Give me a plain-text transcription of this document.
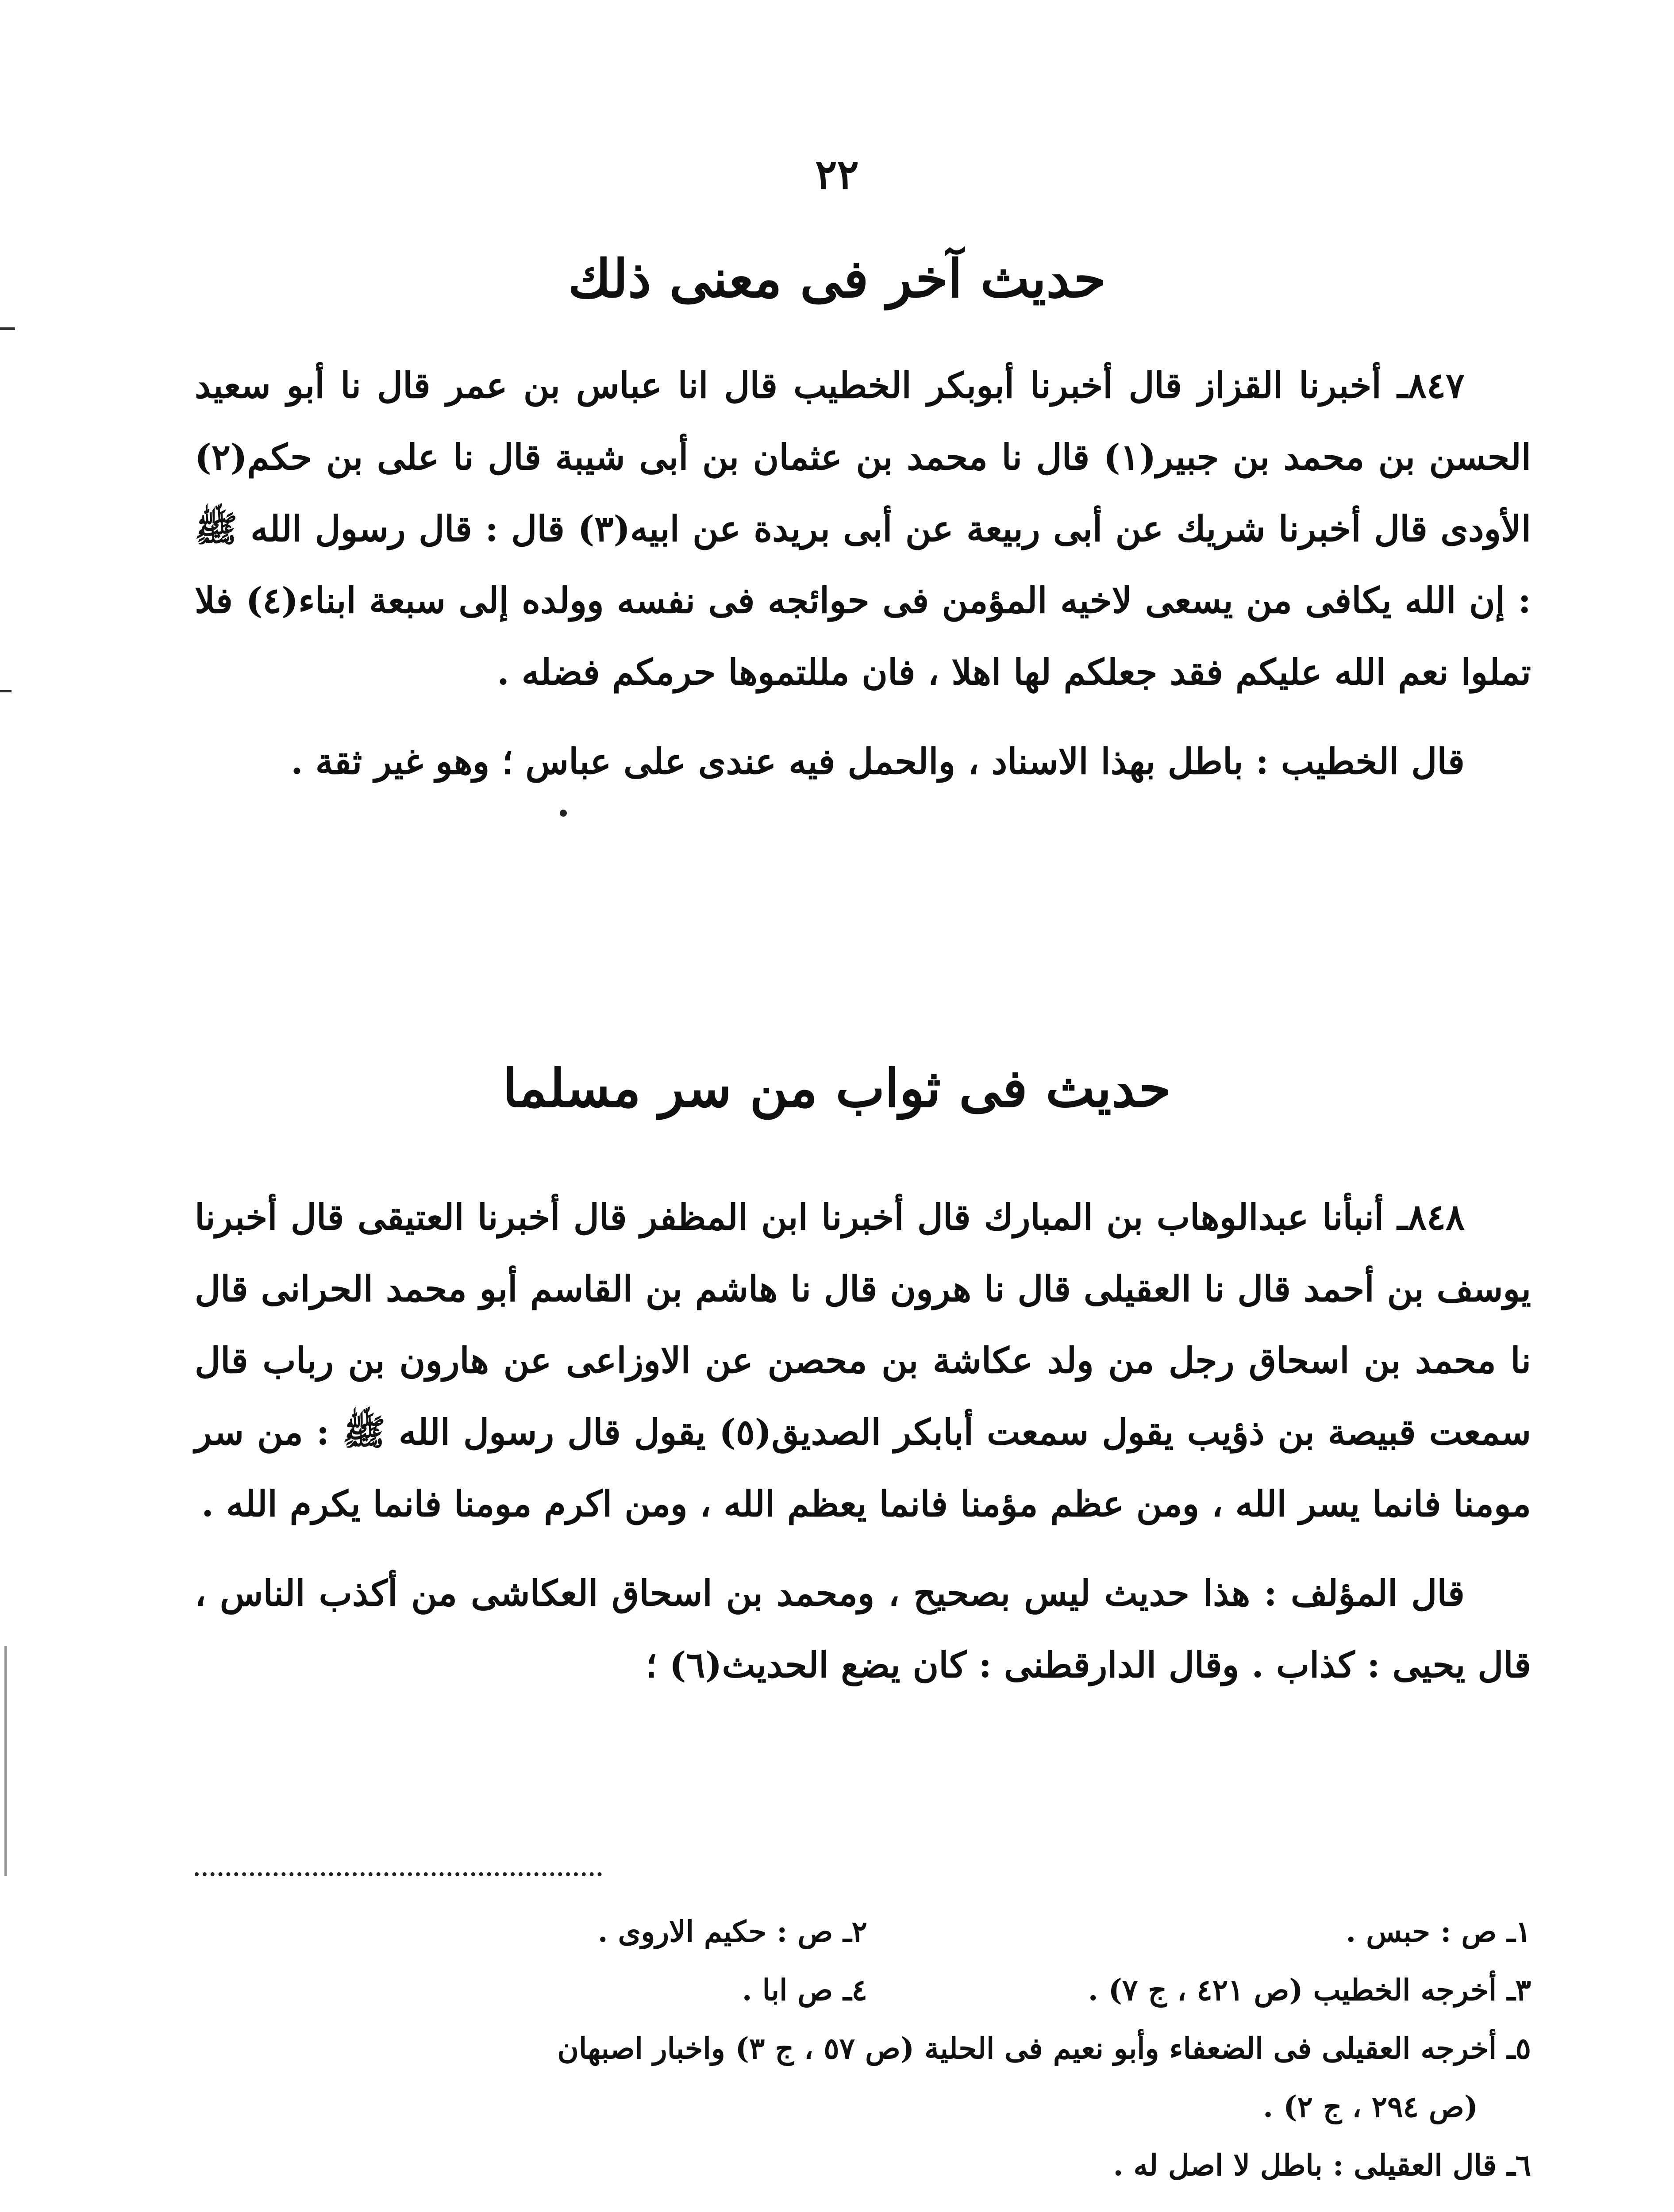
٢٢
حديث آخر فى معنى ذلك

٨٤٧ـ أخبرنا القزاز قال أخبرنا أبوبكر الخطيب قال انا عباس بن عمر قال نا أبو سعيد الحسن بن محمد بن جبير(١) قال نا محمد بن عثمان بن أبى شيبة قال نا على بن حكم(٢) الأودى قال أخبرنا شريك عن أبى ربيعة عن أبى بريدة عن ابيه(٣) قال : قال رسول الله ﷺ : إن الله يكافى من يسعى لاخيه المؤمن فى حوائجه فى نفسه وولده إلى سبعة ابناء(٤) فلا تملوا نعم الله عليكم فقد جعلكم لها اهلا ، فان مللتموها حرمكم فضله .

قال الخطيب : باطل بهذا الاسناد ، والحمل فيه عندى على عباس ؛ وهو غير ثقة .

حديث فى ثواب من سر مسلما

٨٤٨ـ أنبأنا عبدالوهاب بن المبارك قال أخبرنا ابن المظفر قال أخبرنا العتيقى قال أخبرنا يوسف بن أحمد قال نا العقيلى قال نا هرون قال نا هاشم بن القاسم أبو محمد الحرانى قال نا محمد بن اسحاق رجل من ولد عكاشة بن محصن عن الاوزاعى عن هارون بن رباب قال سمعت قبيصة بن ذؤيب يقول سمعت أبابكر الصديق(٥) يقول قال رسول الله ﷺ : من سر مومنا فانما يسر الله ، ومن عظم مؤمنا فانما يعظم الله ، ومن اكرم مومنا فانما يكرم الله .

قال المؤلف : هذا حديث ليس بصحيح ، ومحمد بن اسحاق العكاشى من أكذب الناس ، قال يحيى : كذاب . وقال الدارقطنى : كان يضع الحديث(٦) ؛

١ـ ص : حبس .
٢ـ ص : حكيم الاروى .
٣ـ أخرجه الخطيب (ص ٤٢١ ، ج ٧) .
٤ـ ص ابا .
٥ـ أخرجه العقيلى فى الضعفاء وأبو نعيم فى الحلية (ص ٥٧ ، ج ٣) واخبار اصبهان
(ص ٢٩٤ ، ج ٢) .
٦ـ قال العقيلى : باطل لا اصل له .
